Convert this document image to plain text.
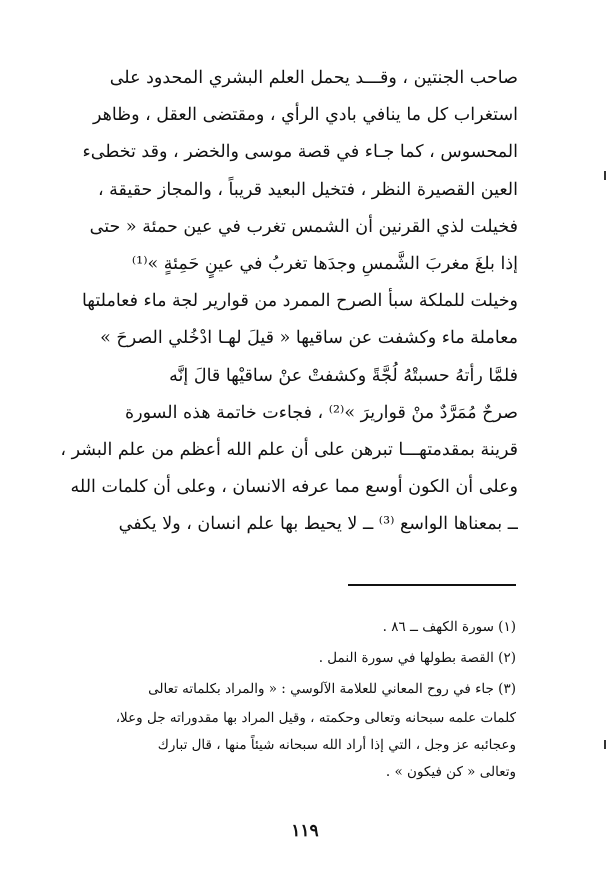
صاحب الجنتين ، وقـــد يحمل العلم البشري المحدود على
استغراب كل ما ينافي بادي الرأي ، ومقتضى العقل ، وظاهر
المحسوس ، كما جـاء في قصة موسى والخضر ، وقد تخطىء
العين القصيرة النظر ، فتخيل البعيد قريباً ، والمجاز حقيقة ،
فخيلت لذي القرنين أن الشمس تغرب في عين حمئة « حتى
إذا بلغَ مغربَ الشَّمسِ وجدَها تغربُ في عينٍ حَمِئةٍ »⁽¹⁾
وخيلت للملكة سبأ الصرح الممرد من قوارير لجة ماء فعاملتها
معاملة ماء وكشفت عن ساقيها « قيلَ لهـا ادْخُلي الصرحَ »
فلمَّا رأتهُ حسبتْهُ لُجَّةً وكشفتْ عنْ ساقيْها قالَ إنَّه
صرحٌ مُمَرَّدٌ منْ قواريرَ »⁽²⁾ ، فجاءت خاتمة هذه السورة
قرينة بمقدمتهـــا تبرهن على أن علم الله أعظم من علم البشر ،
وعلى أن الكون أوسع مما عرفه الانسان ، وعلى أن كلمات الله
ــ بمعناها الواسع ⁽³⁾ ــ لا يحيط بها علم انسان ، ولا يكفي
(١) سورة الكهف ــ ٨٦ .
(٢) القصة بطولها في سورة النمل .
(٣) جاء في روح المعاني للعلامة الآلوسي : « والمراد بكلماته تعالى
كلمات علمه سبحانه وتعالى وحكمته ، وقيل المراد بها مقدوراته جل وعلا،
وعجائبه عز وجل ، التي إذا أراد الله سبحانه شيئاً منها ، قال تبارك
وتعالى « كن فيكون » .
١١٩
